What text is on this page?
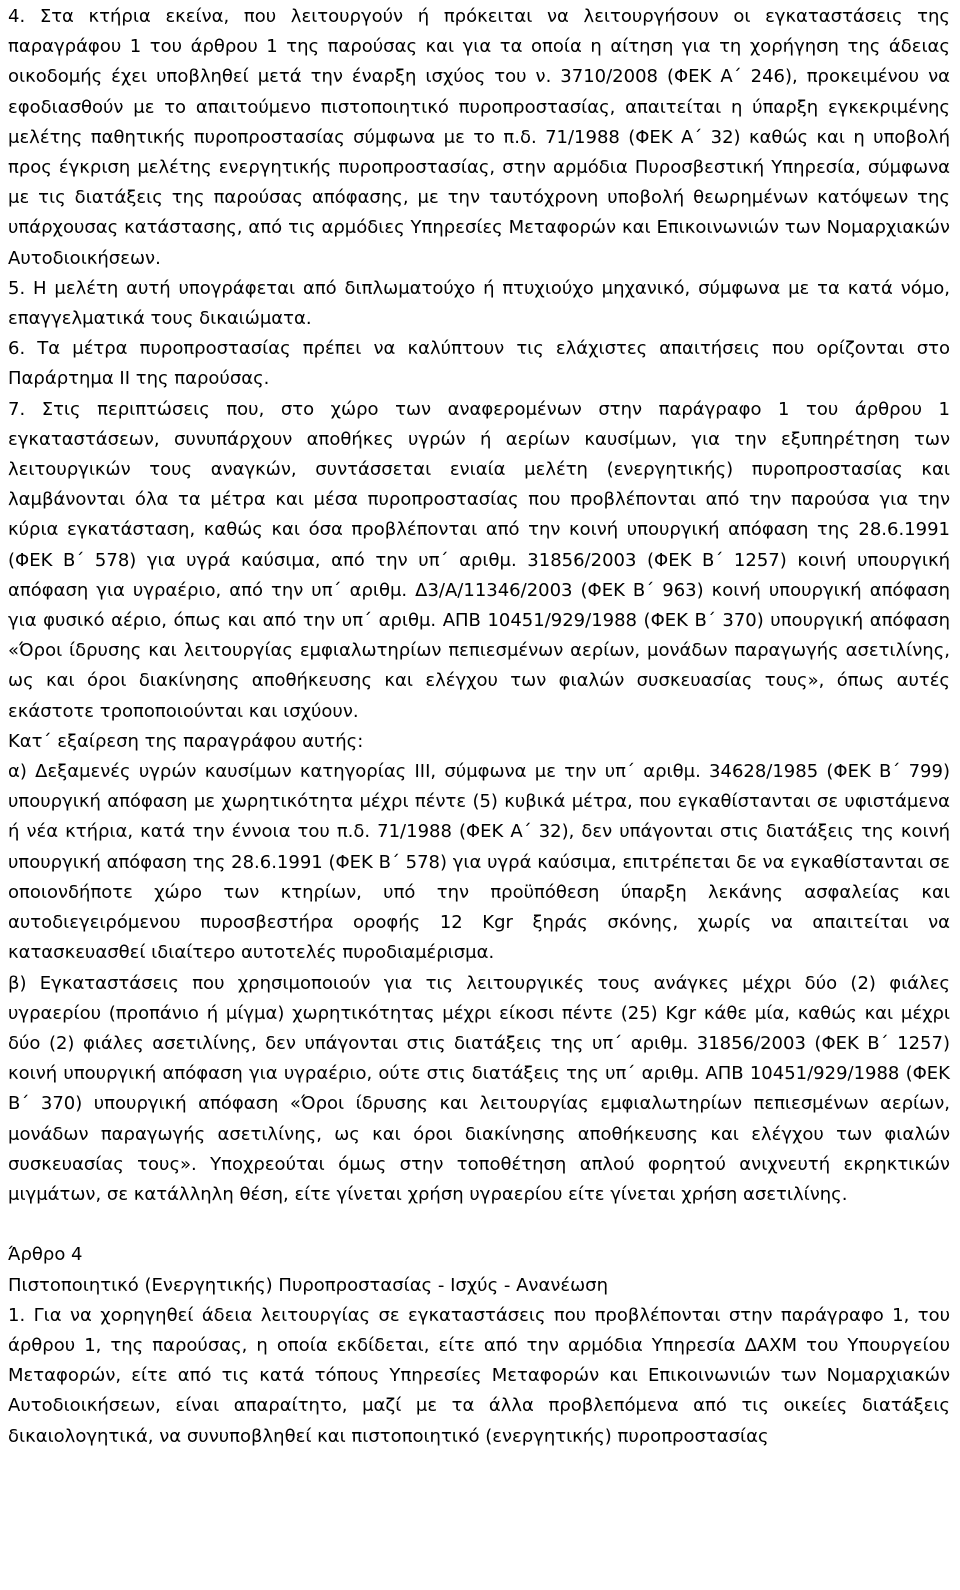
4. Στα κτήρια εκείνα, που λειτουργούν ή πρόκειται να λειτουργήσουν οι εγκαταστάσεις της παραγράφου 1 του άρθρου 1 της παρούσας και για τα οποία η αίτηση για τη χορήγηση της άδειας οικοδομής έχει υποβληθεί μετά την έναρξη ισχύος του ν. 3710/2008 (ΦΕΚ Α΄ 246), προκειμένου να εφοδιασθούν με το απαιτούμενο πιστοποιητικό πυροπροστασίας, απαιτείται η ύπαρξη εγκεκριμένης μελέτης παθητικής πυροπροστασίας σύμφωνα με το π.δ. 71/1988 (ΦΕΚ Α΄ 32) καθώς και η υποβολή προς έγκριση μελέτης ενεργητικής πυροπροστασίας, στην αρμόδια Πυροσβεστική Υπηρεσία, σύμφωνα με τις διατάξεις της παρούσας απόφασης, με την ταυτόχρονη υποβολή θεωρημένων κατόψεων της υπάρχουσας κατάστασης, από τις αρμόδιες Υπηρεσίες Μεταφορών και Επικοινωνιών των Νομαρχιακών Αυτοδιοικήσεων.

5. Η μελέτη αυτή υπογράφεται από διπλωματούχο ή πτυχιούχο μηχανικό, σύμφωνα με τα κατά νόμο, επαγγελματικά τους δικαιώματα.

6. Τα μέτρα πυροπροστασίας πρέπει να καλύπτουν τις ελάχιστες απαιτήσεις που ορίζονται στο Παράρτημα ΙΙ της παρούσας.

7. Στις περιπτώσεις που, στο χώρο των αναφερομένων στην παράγραφο 1 του άρθρου 1 εγκαταστάσεων, συνυπάρχουν αποθήκες υγρών ή αερίων καυσίμων, για την εξυπηρέτηση των λειτουργικών τους αναγκών, συντάσσεται ενιαία μελέτη (ενεργητικής) πυροπροστασίας και λαμβάνονται όλα τα μέτρα και μέσα πυροπροστασίας που προβλέπονται από την παρούσα για την κύρια εγκατάσταση, καθώς και όσα προβλέπονται από την κοινή υπουργική απόφαση της 28.6.1991 (ΦΕΚ Β΄ 578) για υγρά καύσιμα, από την υπ΄ αριθμ. 31856/2003 (ΦΕΚ Β΄ 1257) κοινή υπουργική απόφαση για υγραέριο, από την υπ΄ αριθμ. Δ3/Α/11346/2003 (ΦΕΚ Β΄ 963) κοινή υπουργική απόφαση για φυσικό αέριο, όπως και από την υπ΄ αριθμ. ΑΠΒ 10451/929/1988 (ΦΕΚ Β΄ 370) υπουργική απόφαση «Όροι ίδρυσης και λειτουργίας εμφιαλωτηρίων πεπιεσμένων αερίων, μονάδων παραγωγής ασετιλίνης, ως και όροι διακίνησης αποθήκευσης και ελέγχου των φιαλών συσκευασίας τους», όπως αυτές εκάστοτε τροποποιούνται και ισχύουν.

Κατ΄ εξαίρεση της παραγράφου αυτής:

α) Δεξαμενές υγρών καυσίμων κατηγορίας ΙΙΙ, σύμφωνα με την υπ΄ αριθμ. 34628/1985 (ΦΕΚ Β΄ 799) υπουργική απόφαση με χωρητικότητα μέχρι πέντε (5) κυβικά μέτρα, που εγκαθίστανται σε υφιστάμενα ή νέα κτήρια, κατά την έννοια του π.δ. 71/1988 (ΦΕΚ Α΄ 32), δεν υπάγονται στις διατάξεις της κοινή υπουργική απόφαση της 28.6.1991 (ΦΕΚ Β΄ 578) για υγρά καύσιμα, επιτρέπεται δε να εγκαθίστανται σε οποιονδήποτε χώρο των κτηρίων, υπό την προϋπόθεση ύπαρξη λεκάνης ασφαλείας και αυτοδιεγειρόμενου πυροσβεστήρα οροφής 12 Kgr ξηράς σκόνης, χωρίς να απαιτείται να κατασκευασθεί ιδιαίτερο αυτοτελές πυροδιαμέρισμα.

β) Εγκαταστάσεις που χρησιμοποιούν για τις λειτουργικές τους ανάγκες μέχρι δύο (2) φιάλες υγραερίου (προπάνιο ή μίγμα) χωρητικότητας μέχρι είκοσι πέντε (25) Kgr κάθε μία, καθώς και μέχρι δύο (2) φιάλες ασετιλίνης, δεν υπάγονται στις διατάξεις της υπ΄ αριθμ. 31856/2003 (ΦΕΚ Β΄ 1257) κοινή υπουργική απόφαση για υγραέριο, ούτε στις διατάξεις της υπ΄ αριθμ. ΑΠΒ 10451/929/1988 (ΦΕΚ Β΄ 370) υπουργική απόφαση «Όροι ίδρυσης και λειτουργίας εμφιαλωτηρίων πεπιεσμένων αερίων, μονάδων παραγωγής ασετιλίνης, ως και όροι διακίνησης αποθήκευσης και ελέγχου των φιαλών συσκευασίας τους». Υποχρεούται όμως στην τοποθέτηση απλού φορητού ανιχνευτή εκρηκτικών μιγμάτων, σε κατάλληλη θέση, είτε γίνεται χρήση υγραερίου είτε γίνεται χρήση ασετιλίνης.

Άρθρο 4

Πιστοποιητικό (Ενεργητικής) Πυροπροστασίας - Ισχύς - Ανανέωση

1. Για να χορηγηθεί άδεια λειτουργίας σε εγκαταστάσεις που προβλέπονται στην παράγραφο 1, του άρθρου 1, της παρούσας, η οποία εκδίδεται, είτε από την αρμόδια Υπηρεσία ΔΑΧΜ του Υπουργείου Μεταφορών, είτε από τις κατά τόπους Υπηρεσίες Μεταφορών και Επικοινωνιών των Νομαρχιακών Αυτοδιοικήσεων, είναι απαραίτητο, μαζί με τα άλλα προβλεπόμενα από τις οικείες διατάξεις δικαιολογητικά, να συνυποβληθεί και πιστοποιητικό (ενεργητικής) πυροπροστασίας
